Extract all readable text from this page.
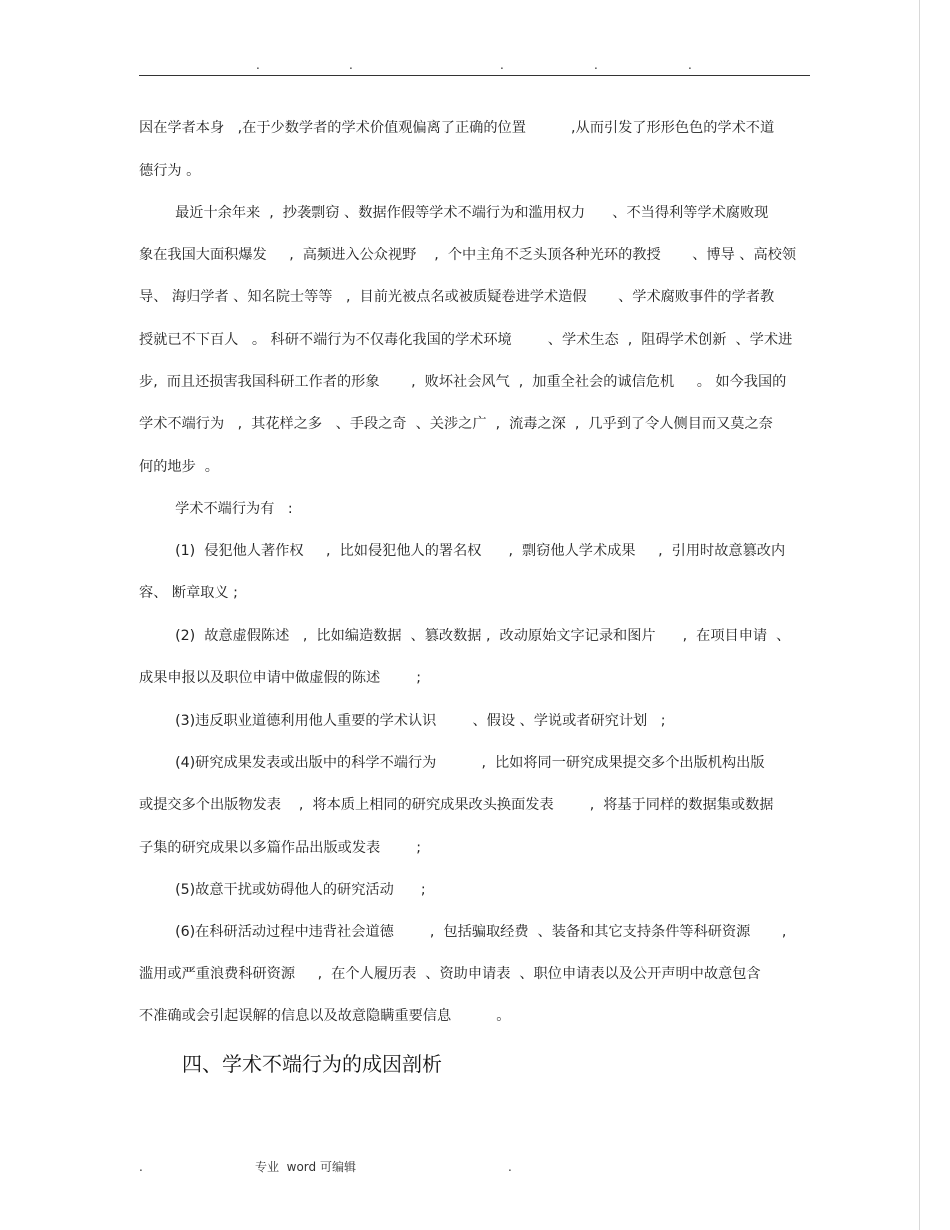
.	.	.	.	.
因在学者本身   ,在于少数学者的学术价值观偏离了正确的位置          ,从而引发了形形色色的学术不道
德行为 。
最近十余年来  ,  抄袭剽窃 、数据作假等学术不端行为和滥用权力      、不当得利等学术腐败现
象在我国大面积爆发     ,  高频进入公众视野    ,  个中主角不乏头顶各种光环的教授       、博导 、高校领
导、 海归学者 、知名院士等等   ,  目前光被点名或被质疑卷进学术造假       、学术腐败事件的学者教
授就已不下百人   。 科研不端行为不仅毒化我国的学术环境        、学术生态  ,  阻碍学术创新  、学术进
步,  而且还损害我国科研工作者的形象       ,  败坏社会风气  ,  加重全社会的诚信危机     。 如今我国的
学术不端行为   ,  其花样之多   、手段之奇  、关涉之广  ,  流毒之深  ,  几乎到了令人侧目而又莫之奈
何的地步  。
学术不端行为有   :
(1)  侵犯他人著作权     ,  比如侵犯他人的署名权      ,  剽窃他人学术成果     ,  引用时故意篡改内
容、 断章取义 ;
(2)  故意虚假陈述   ,  比如编造数据  、篡改数据 ,  改动原始文字记录和图片      ,  在项目申请  、
成果申报以及职位申请中做虚假的陈述        ;
(3)违反职业道德利用他人重要的学术认识        、假设 、学说或者研究计划   ;
(4)研究成果发表或出版中的科学不端行为          ,  比如将同一研究成果提交多个出版机构出版
或提交多个出版物发表    ,  将本质上相同的研究成果改头换面发表        ,  将基于同样的数据集或数据
子集的研究成果以多篇作品出版或发表        ;
(5)故意干扰或妨碍他人的研究活动      ;
(6)在科研活动过程中违背社会道德        ,  包括骗取经费  、装备和其它支持条件等科研资源       ,
滥用或严重浪费科研资源     ,  在个人履历表  、资助申请表  、职位申请表以及公开声明中故意包含
不准确或会引起误解的信息以及故意隐瞒重要信息          。
四、学术不端行为的成因剖析
.	专业  word 可编辑	.
